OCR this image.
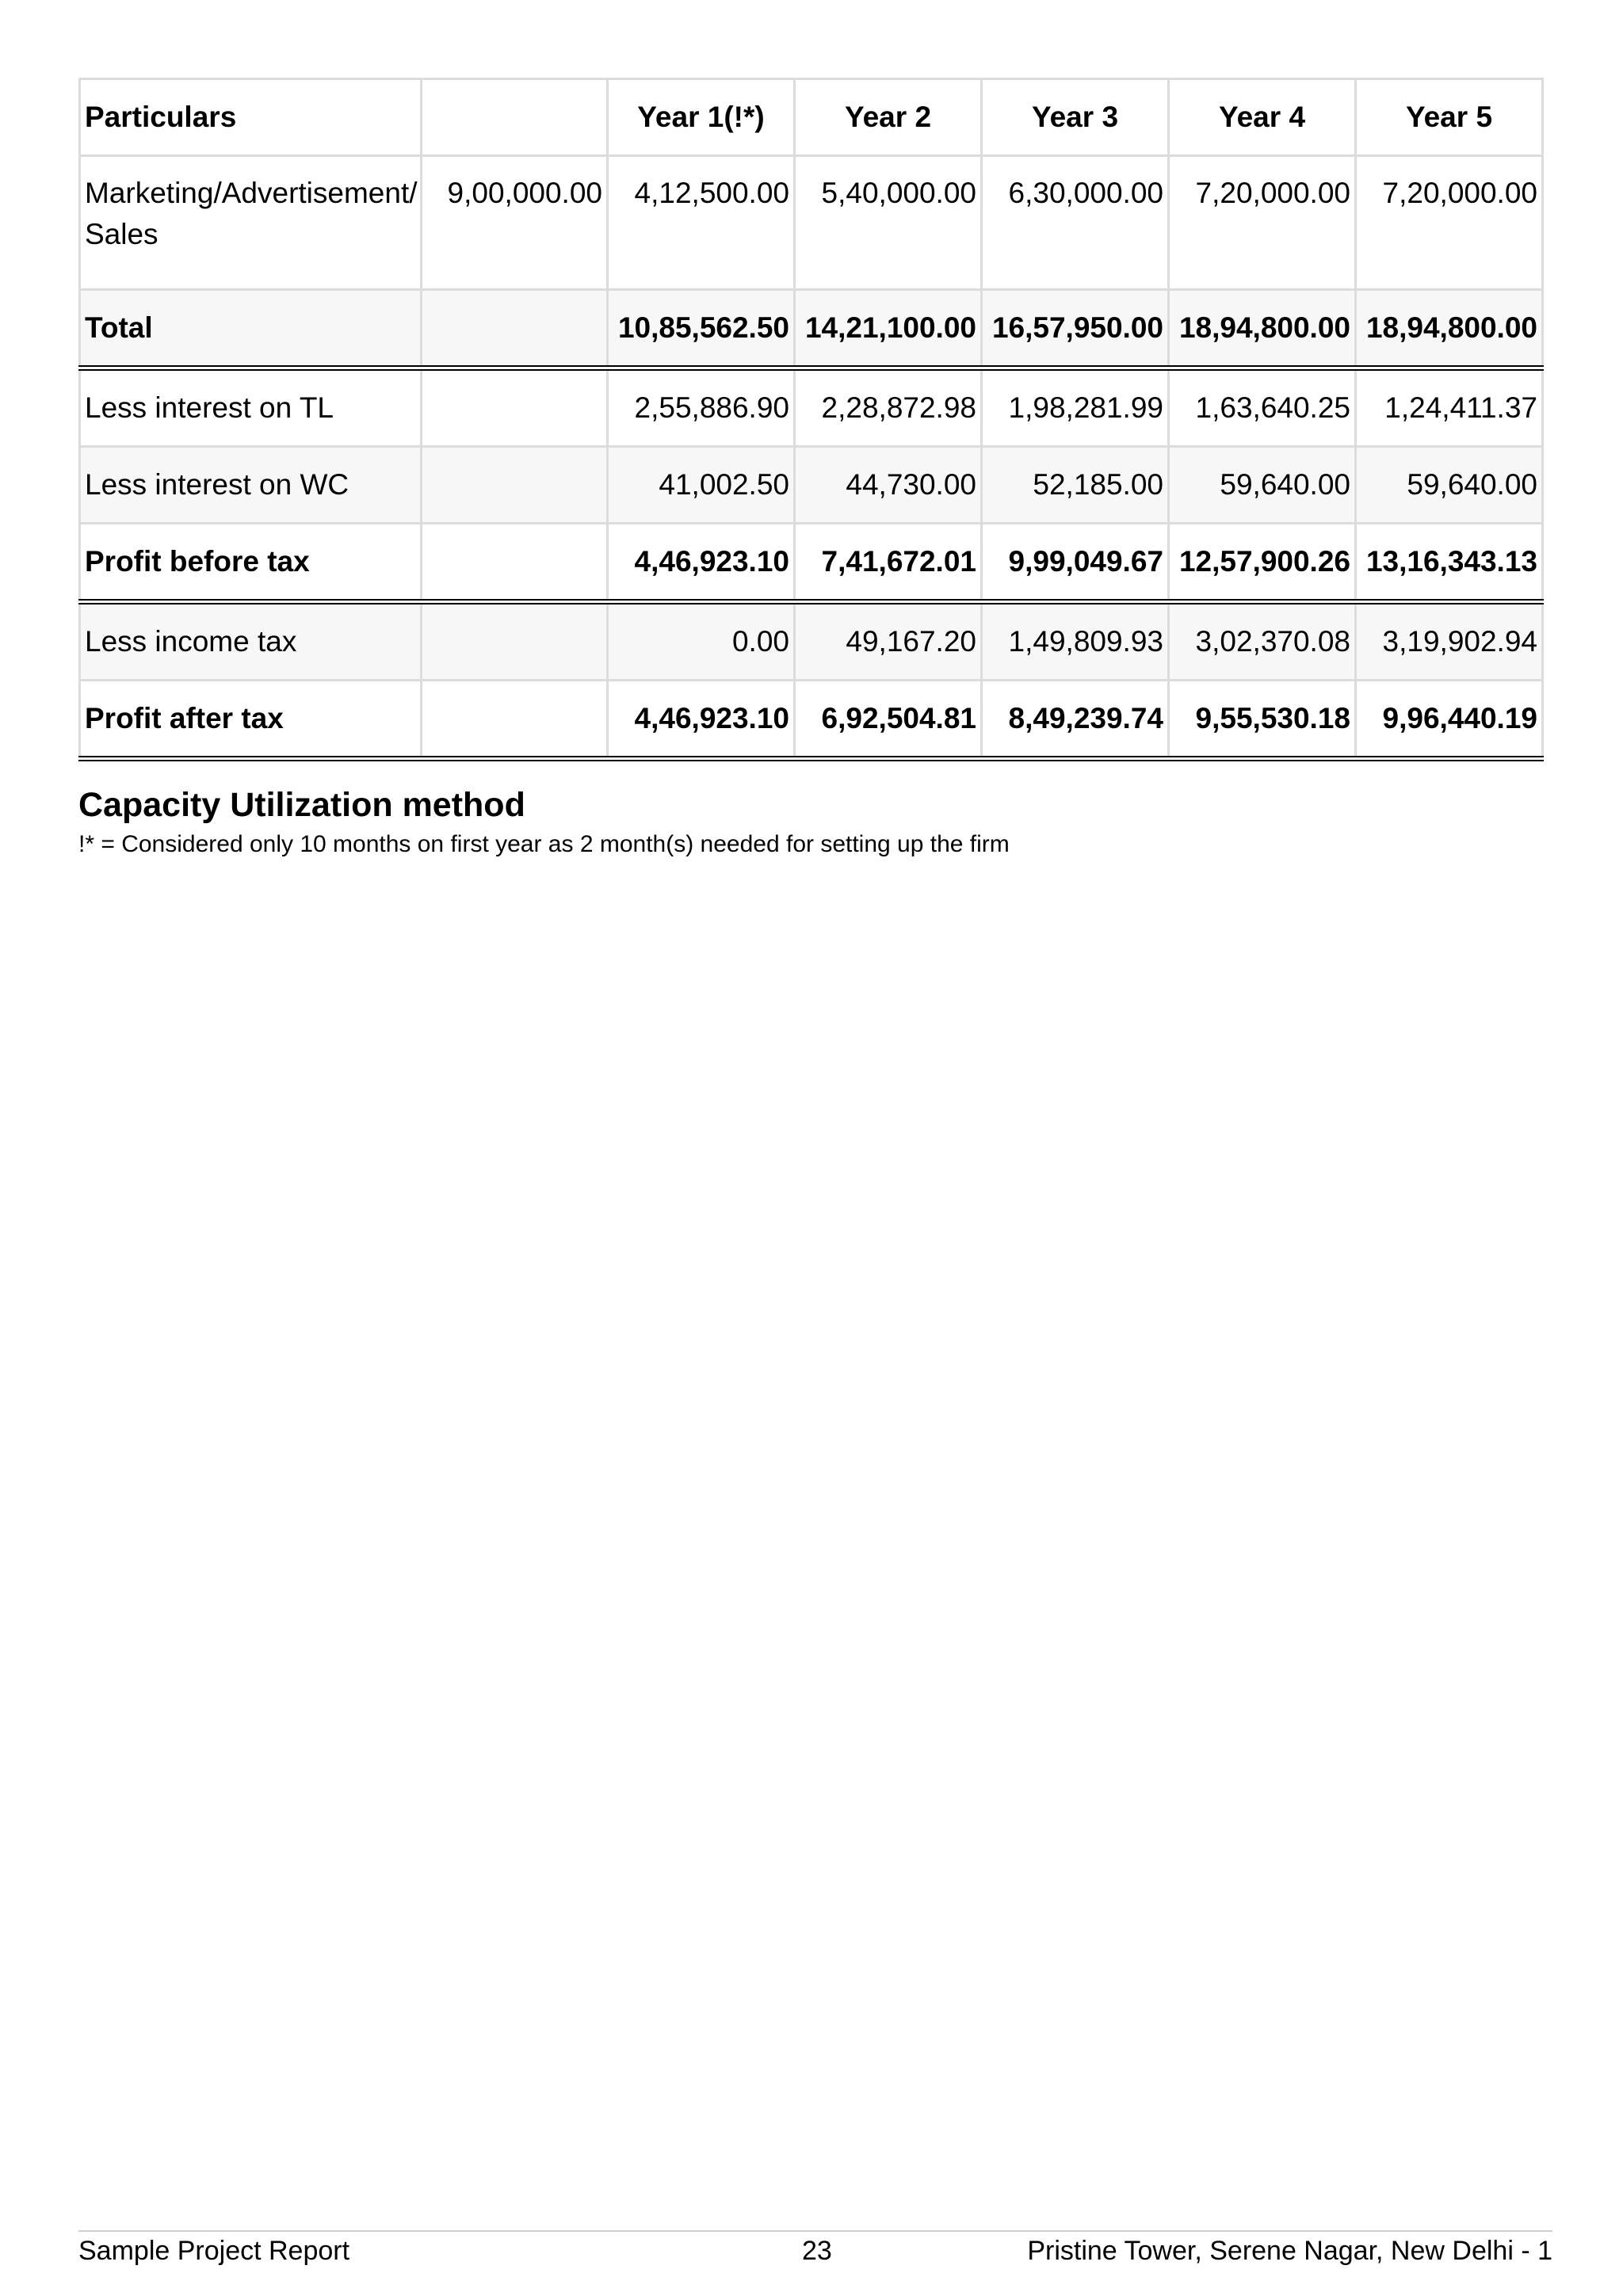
Particulars		Year 1(!*)	Year 2	Year 3	Year 4	Year 5
Marketing/Advertisement/ Sales	9,00,000.00	4,12,500.00	5,40,000.00	6,30,000.00	7,20,000.00	7,20,000.00
Total		10,85,562.50	14,21,100.00	16,57,950.00	18,94,800.00	18,94,800.00
Less interest on TL		2,55,886.90	2,28,872.98	1,98,281.99	1,63,640.25	1,24,411.37
Less interest on WC		41,002.50	44,730.00	52,185.00	59,640.00	59,640.00
Profit before tax		4,46,923.10	7,41,672.01	9,99,049.67	12,57,900.26	13,16,343.13
Less income tax		0.00	49,167.20	1,49,809.93	3,02,370.08	3,19,902.94
Profit after tax		4,46,923.10	6,92,504.81	8,49,239.74	9,55,530.18	9,96,440.19
Capacity Utilization method
!* = Considered only 10 months on first year as 2 month(s) needed for setting up the firm
Sample Project Report	23	Pristine Tower, Serene Nagar, New Delhi - 1
